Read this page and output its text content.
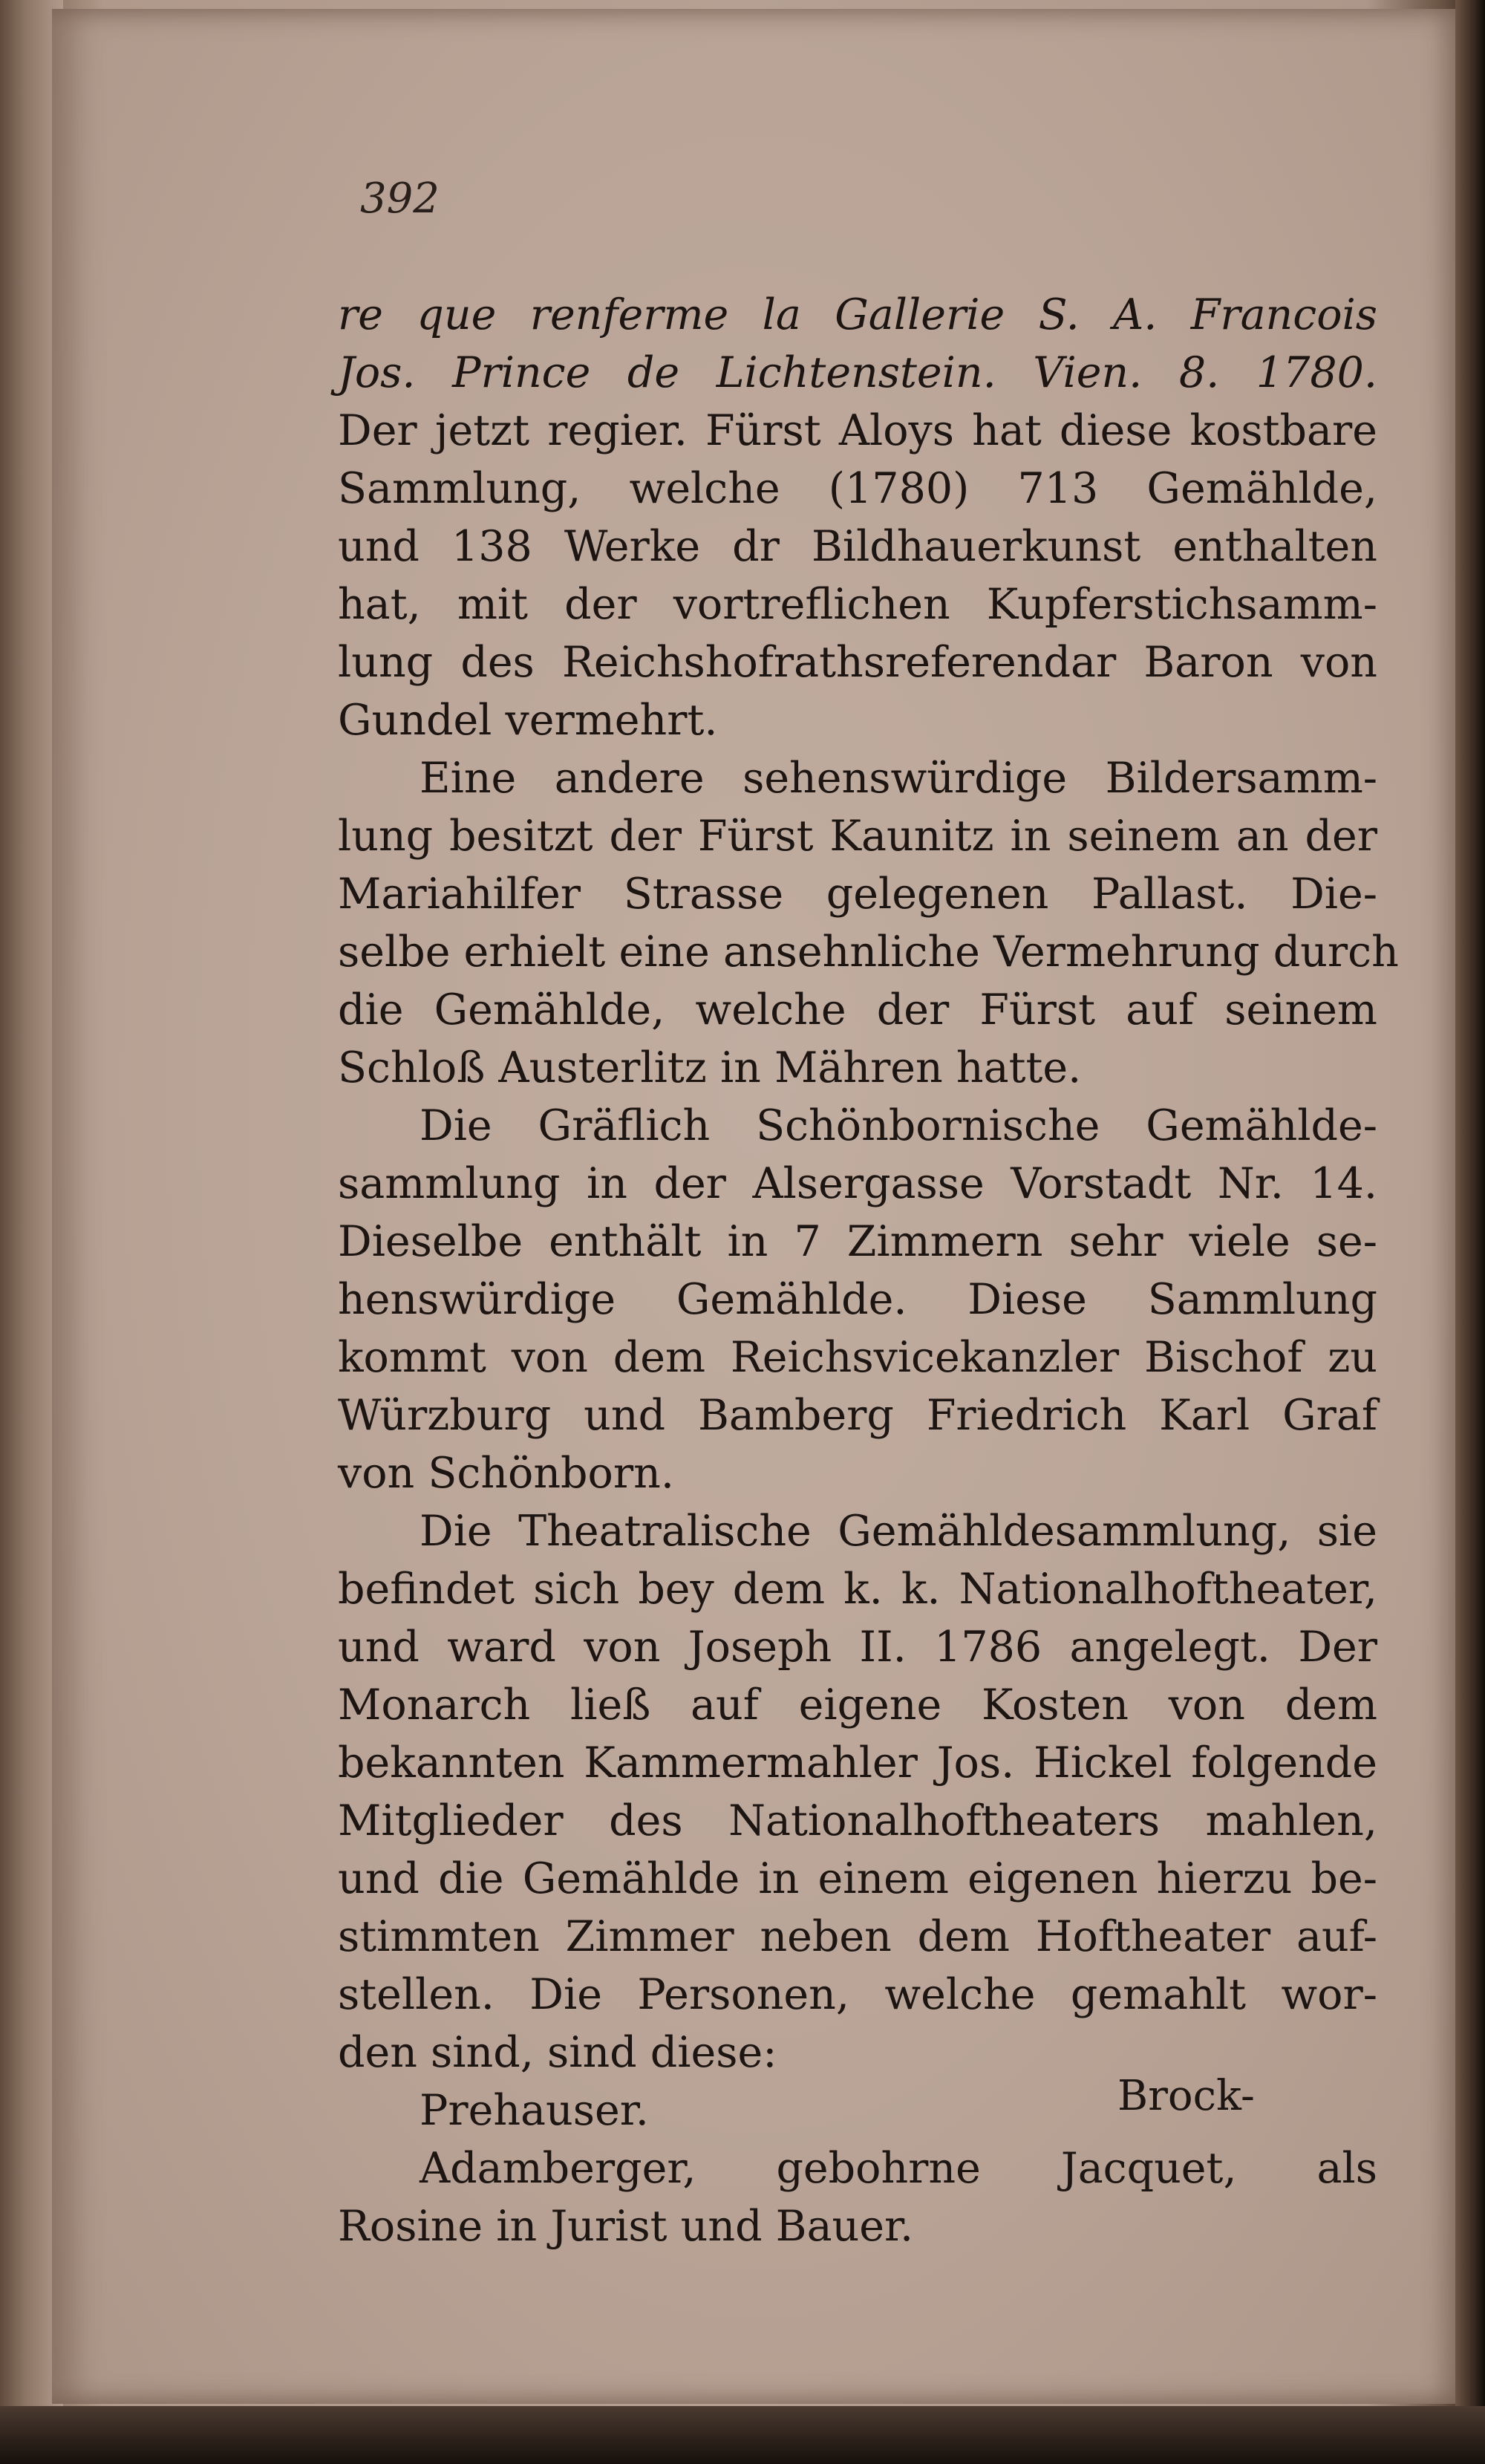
392
re que renferme la Gallerie S. A. Francois
Jos. Prince de Lichtenstein. Vien. 8. 1780.
Der jetzt regier. Fürst Aloys hat diese kostbare
Sammlung, welche (1780) 713 Gemählde,
und 138 Werke dr Bildhauerkunst enthalten
hat, mit der vortreflichen Kupferstichsamm-
lung des Reichshofrathsreferendar Baron von
Gundel vermehrt.
Eine andere sehenswürdige Bildersamm-
lung besitzt der Fürst Kaunitz in seinem an der
Mariahilfer Strasse gelegenen Pallast. Die-
selbe erhielt eine ansehnliche Vermehrung durch
die Gemählde, welche der Fürst auf seinem
Schloß Austerlitz in Mähren hatte.
Die Gräflich Schönbornische Gemählde-
sammlung in der Alsergasse Vorstadt Nr. 14.
Dieselbe enthält in 7 Zimmern sehr viele se-
henswürdige Gemählde. Diese Sammlung
kommt von dem Reichsvicekanzler Bischof zu
Würzburg und Bamberg Friedrich Karl Graf
von Schönborn.
Die Theatralische Gemähldesammlung, sie
befindet sich bey dem k. k. Nationalhoftheater,
und ward von Joseph II. 1786 angelegt. Der
Monarch ließ auf eigene Kosten von dem
bekannten Kammermahler Jos. Hickel folgende
Mitglieder des Nationalhoftheaters mahlen,
und die Gemählde in einem eigenen hierzu be-
stimmten Zimmer neben dem Hoftheater auf-
stellen. Die Personen, welche gemahlt wor-
den sind, sind diese:
Prehauser.
Adamberger, gebohrne Jacquet, als
Rosine in Jurist und Bauer.
Brock-
